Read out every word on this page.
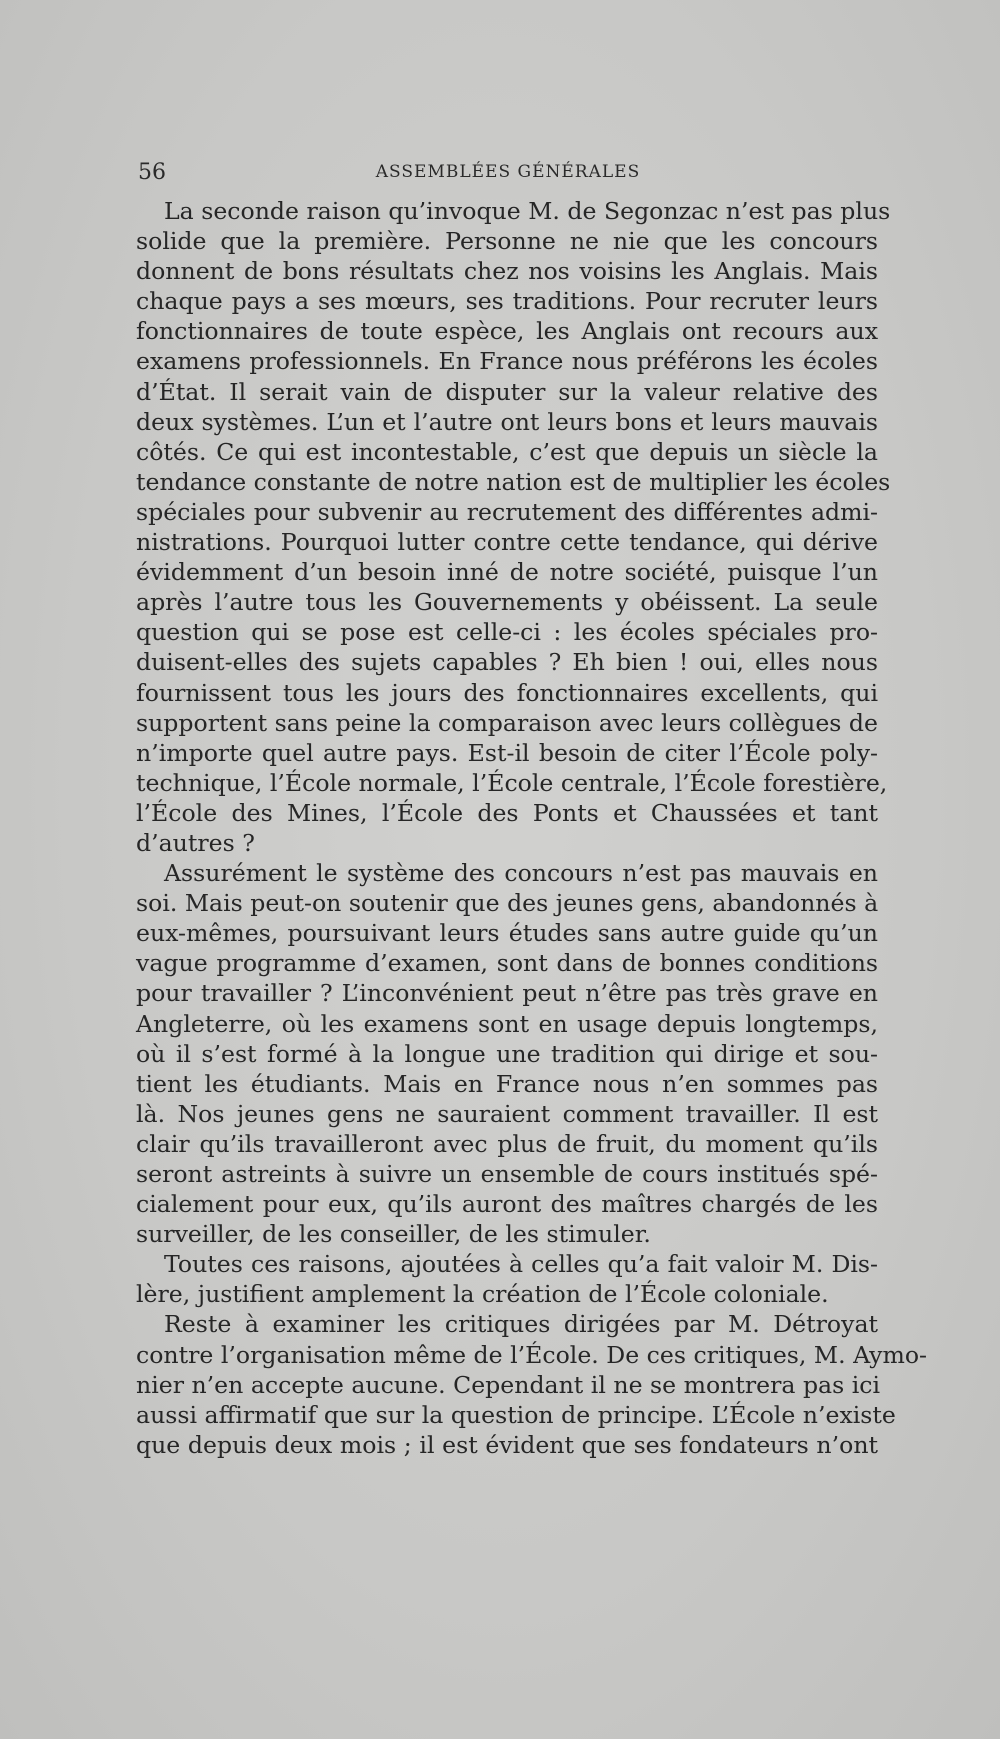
56	ASSEMBLÉES GÉNÉRALES
La seconde raison qu’invoque M. de Segonzac n’est pas plus
solide que la première. Personne ne nie que les concours
donnent de bons résultats chez nos voisins les Anglais. Mais
chaque pays a ses mœurs, ses traditions. Pour recruter leurs
fonctionnaires de toute espèce, les Anglais ont recours aux
examens professionnels. En France nous préférons les écoles
d’État. Il serait vain de disputer sur la valeur relative des
deux systèmes. L’un et l’autre ont leurs bons et leurs mauvais
côtés. Ce qui est incontestable, c’est que depuis un siècle la
tendance constante de notre nation est de multiplier les écoles
spéciales pour subvenir au recrutement des différentes admi-
nistrations. Pourquoi lutter contre cette tendance, qui dérive
évidemment d’un besoin inné de notre société, puisque l’un
après l’autre tous les Gouvernements y obéissent. La seule
question qui se pose est celle-ci : les écoles spéciales pro-
duisent-elles des sujets capables ? Eh bien ! oui, elles nous
fournissent tous les jours des fonctionnaires excellents, qui
supportent sans peine la comparaison avec leurs collègues de
n’importe quel autre pays. Est-il besoin de citer l’École poly-
technique, l’École normale, l’École centrale, l’École forestière,
l’École des Mines, l’École des Ponts et Chaussées et tant
d’autres ?
Assurément le système des concours n’est pas mauvais en
soi. Mais peut-on soutenir que des jeunes gens, abandonnés à
eux-mêmes, poursuivant leurs études sans autre guide qu’un
vague programme d’examen, sont dans de bonnes conditions
pour travailler ? L’inconvénient peut n’être pas très grave en
Angleterre, où les examens sont en usage depuis longtemps,
où il s’est formé à la longue une tradition qui dirige et sou-
tient les étudiants. Mais en France nous n’en sommes pas
là. Nos jeunes gens ne sauraient comment travailler. Il est
clair qu’ils travailleront avec plus de fruit, du moment qu’ils
seront astreints à suivre un ensemble de cours institués spé-
cialement pour eux, qu’ils auront des maîtres chargés de les
surveiller, de les conseiller, de les stimuler.
Toutes ces raisons, ajoutées à celles qu’a fait valoir M. Dis-
lère, justifient amplement la création de l’École coloniale.
Reste à examiner les critiques dirigées par M. Détroyat
contre l’organisation même de l’École. De ces critiques, M. Aymo-
nier n’en accepte aucune. Cependant il ne se montrera pas ici
aussi affirmatif que sur la question de principe. L’École n’existe
que depuis deux mois ; il est évident que ses fondateurs n’ont
